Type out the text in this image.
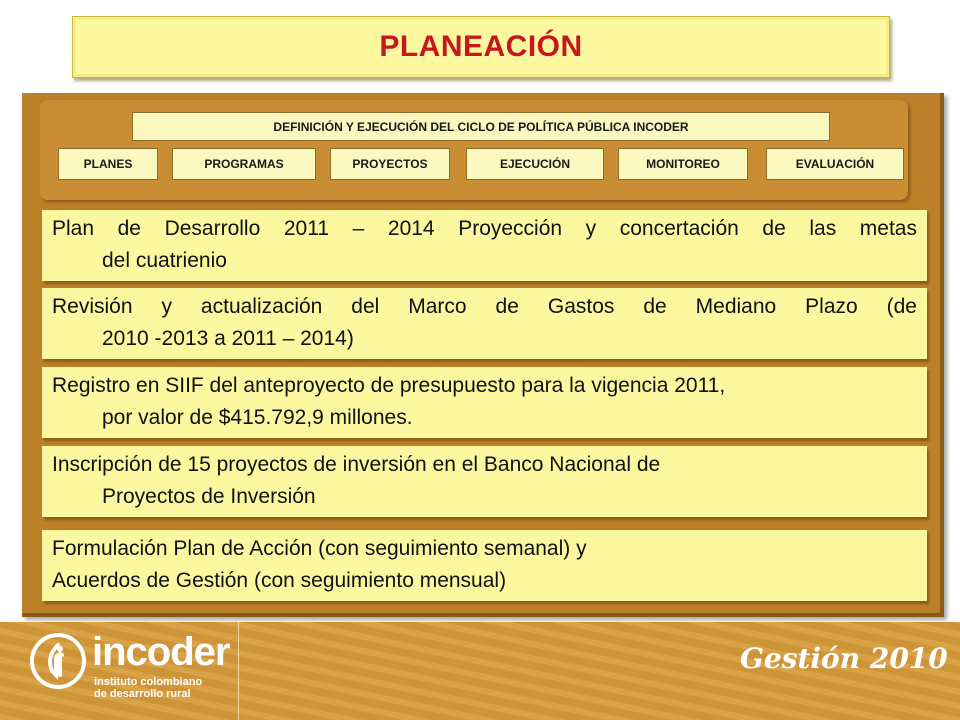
PLANEACIÓN
DEFINICIÓN Y EJECUCIÓN DEL CICLO DE POLÍTICA PÚBLICA INCODER
PLANES	PROGRAMAS	PROYECTOS	EJECUCIÓN	MONITOREO	EVALUACIÓN
Plan de Desarrollo 2011 – 2014 Proyección y concertación de las metas
del cuatrienio
Revisión y actualización del Marco de Gastos de Mediano Plazo (de
2010 -2013 a 2011 – 2014)
Registro en SIIF del anteproyecto de presupuesto para la vigencia 2011,
por valor de $415.792,9 millones.
Inscripción de 15 proyectos de inversión en el Banco Nacional de
Proyectos de Inversión
Formulación Plan de Acción (con seguimiento semanal) y
Acuerdos de Gestión (con seguimiento mensual)
incoder
instituto colombiano
de desarrollo rural
Gestión 2010
